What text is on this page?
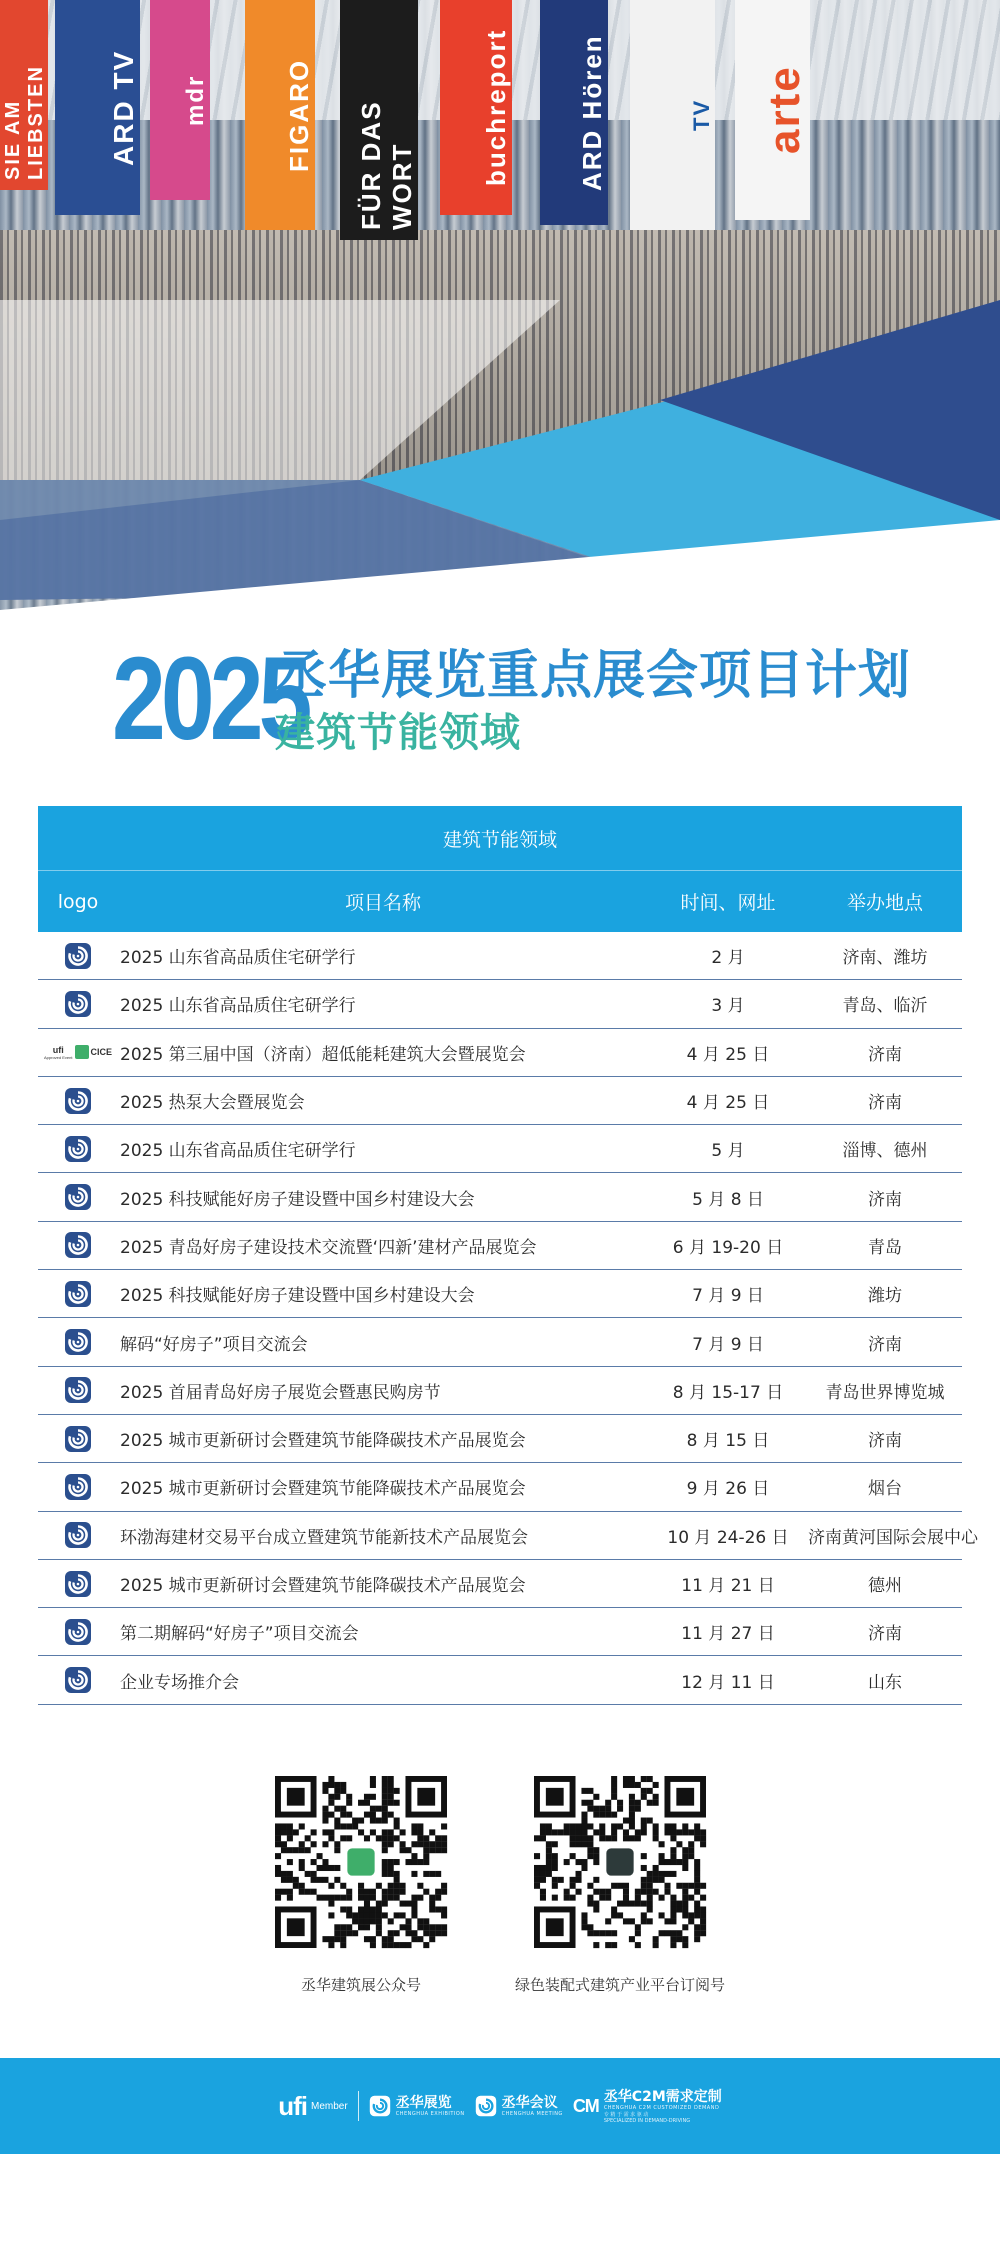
SIE AM LIEBSTEN	ARD TV	mdr	FIGARO	FÜR DAS WORT
buchreport	ARD Hören	TV	arte
2025
丞华展览重点展会项目计划
建筑节能领域
建筑节能领域
logo	项目名称	时间、网址	举办地点
2025 山东省高品质住宅研学行	2 月	济南、潍坊
2025 山东省高品质住宅研学行	3 月	青岛、临沂
ufi
Approved Event CICE 2025 第三届中国（济南）超低能耗建筑大会暨展览会	4 月 25 日	济南
2025 热泵大会暨展览会	4 月 25 日	济南
2025 山东省高品质住宅研学行	5 月	淄博、德州
2025 科技赋能好房子建设暨中国乡村建设大会	5 月 8 日	济南
2025 青岛好房子建设技术交流暨‘四新’建材产品展览会	6 月 19-20 日	青岛
2025 科技赋能好房子建设暨中国乡村建设大会	7 月 9 日	潍坊
解码“好房子”项目交流会	7 月 9 日	济南
2025 首届青岛好房子展览会暨惠民购房节	8 月 15-17 日	青岛世界博览城
2025 城市更新研讨会暨建筑节能降碳技术产品展览会	8 月 15 日	济南
2025 城市更新研讨会暨建筑节能降碳技术产品展览会	9 月 26 日	烟台
环渤海建材交易平台成立暨建筑节能新技术产品展览会	10 月 24-26 日	济南黄河国际会展中心
2025 城市更新研讨会暨建筑节能降碳技术产品展览会	11 月 21 日	德州
第二期解码“好房子”项目交流会	11 月 27 日	济南
企业专场推介会	12 月 11 日	山东
丞华建筑展公众号	绿色装配式建筑产业平台订阅号
ufi Member	丞华展览
CHENGHUA EXHIBITION
丞华会议
CHENGHUA MEETING CM 丞华C2M需求定制
CHENGHUA C2M CUSTOMIZED DEMAND
专 精 于 需 求 驱 动
SPECIALIZED IN DEMAND-DRIVING
